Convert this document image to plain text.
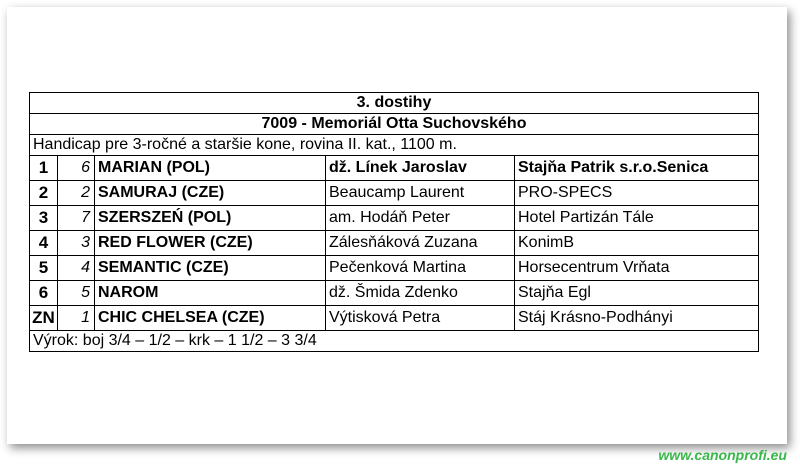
3. dostihy				
7009 - Memoriál Otta Suchovského				
Handicap pre 3-ročné a staršie kone, rovina II. kat., 1100 m.				
1	6	MARIAN (POL)	dž. Línek Jaroslav	Stajňa Patrik s.r.o.Senica
2	2	SAMURAJ (CZE)	Beaucamp Laurent	PRO-SPECS
3	7	SZERSZEŃ (POL)	am. Hodáň Peter	Hotel Partizán Tále
4	3	RED FLOWER (CZE)	Zálesňáková Zuzana	KonimB
5	4	SEMANTIC (CZE)	Pečenková Martina	Horsecentrum Vrňata
6	5	NAROM	dž. Šmida Zdenko	Stajňa Egl
ZN	1	CHIC CHELSEA (CZE)	Výtisková Petra	Stáj Krásno-Podhányi
Výrok: boj 3/4 – 1/2 – krk – 1 1/2 – 3 3/4				
www.canonprofi.eu
